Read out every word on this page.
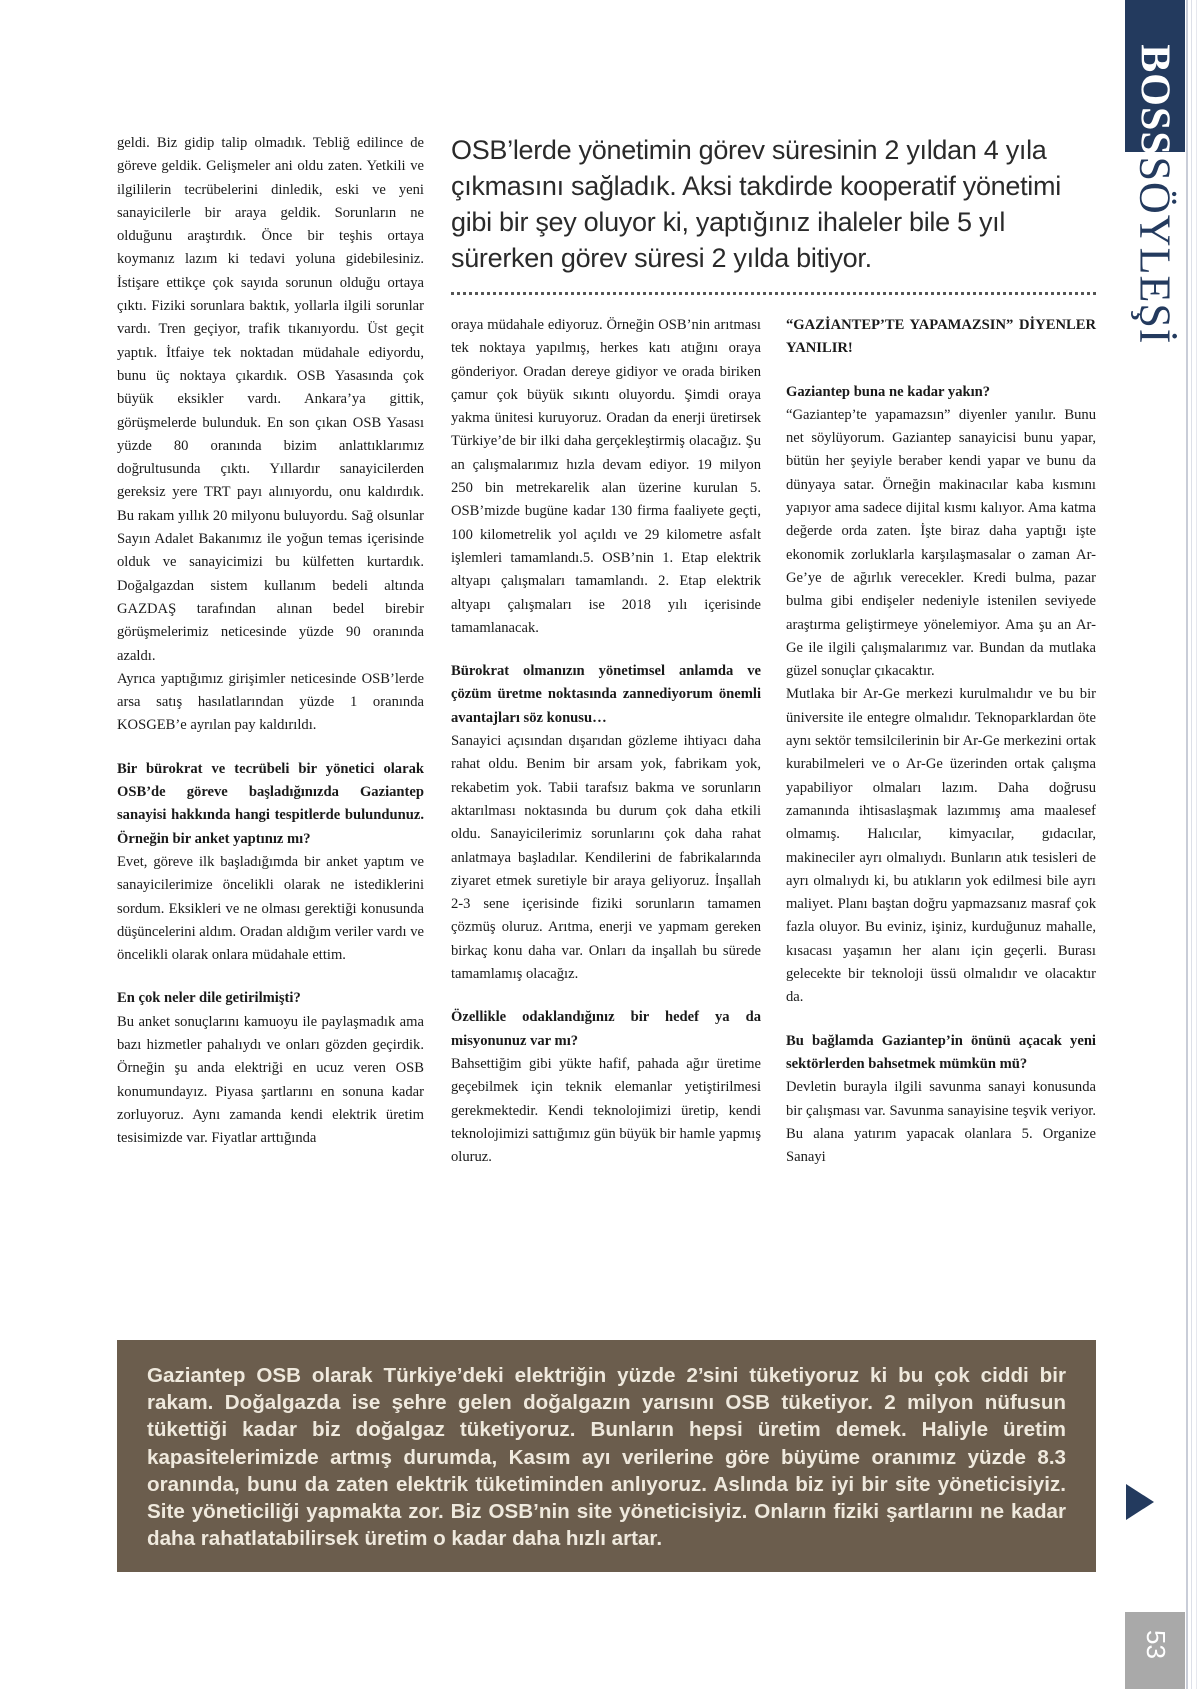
OSB’lerde yönetimin görev süresinin 2 yıldan 4 yıla çıkmasını sağladık. Aksi takdirde kooperatif yönetimi gibi bir şey oluyor ki, yaptığınız ihaleler bile 5 yıl sürerken görev süresi 2 yılda bitiyor.

geldi. Biz gidip talip olmadık. Tebliğ edilince de göreve geldik. Gelişmeler ani oldu zaten. Yetkili ve ilgililerin tecrübelerini dinledik, eski ve yeni sanayicilerle bir araya geldik. Sorunların ne olduğunu araştırdık. Önce bir teşhis ortaya koymanız lazım ki tedavi yoluna gidebilesiniz. İstişare ettikçe çok sayıda sorunun olduğu ortaya çıktı. Fiziki sorunlara baktık, yollarla ilgili sorunlar vardı. Tren geçiyor, trafik tıkanıyordu. Üst geçit yaptık. İtfaiye tek noktadan müdahale ediyordu, bunu üç noktaya çıkardık. OSB Yasasında çok büyük eksikler vardı. Ankara’ya gittik, görüşmelerde bulunduk. En son çıkan OSB Yasası yüzde 80 oranında bizim anlattıklarımız doğrultusunda çıktı. Yıllardır sanayicilerden gereksiz yere TRT payı alınıyordu, onu kaldırdık. Bu rakam yıllık 20 milyonu buluyordu. Sağ olsunlar Sayın Adalet Bakanımız ile yoğun temas içerisinde olduk ve sanayicimizi bu külfetten kurtardık. Doğalgazdan sistem kullanım bedeli altında GAZDAŞ tarafından alınan bedel birebir görüşmelerimiz neticesinde yüzde 90 oranında azaldı.

Ayrıca yaptığımız girişimler neticesinde OSB’lerde arsa satış hasılatlarından yüzde 1 oranında KOSGEB’e ayrılan pay kaldırıldı.

Bir bürokrat ve tecrübeli bir yönetici olarak OSB’de göreve başladığınızda Gaziantep sanayisi hakkında hangi tespitlerde bulundunuz. Örneğin bir anket yaptınız mı?

Evet, göreve ilk başladığımda bir anket yaptım ve sanayicilerimize öncelikli olarak ne istediklerini sordum. Eksikleri ve ne olması gerektiği konusunda düşüncelerini aldım. Oradan aldığım veriler vardı ve öncelikli olarak onlara müdahale ettim.

En çok neler dile getirilmişti?

Bu anket sonuçlarını kamuoyu ile paylaşmadık ama bazı hizmetler pahalıydı ve onları gözden geçirdik. Örneğin şu anda elektriği en ucuz veren OSB konumundayız. Piyasa şartlarını en sonuna kadar zorluyoruz. Aynı zamanda kendi elektrik üretim tesisimizde var. Fiyatlar arttığında

oraya müdahale ediyoruz. Örneğin OSB’nin arıtması tek noktaya yapılmış, herkes katı atığını oraya gönderiyor. Oradan dereye gidiyor ve orada biriken çamur çok büyük sıkıntı oluyordu. Şimdi oraya yakma ünitesi kuruyoruz. Oradan da enerji üretirsek Türkiye’de bir ilki daha gerçekleştirmiş olacağız. Şu an çalışmalarımız hızla devam ediyor. 19 milyon 250 bin metrekarelik alan üzerine kurulan 5. OSB’mizde bugüne kadar 130 firma faaliyete geçti, 100 kilometrelik yol açıldı ve 29 kilometre asfalt işlemleri tamamlandı.5. OSB’nin 1. Etap elektrik altyapı çalışmaları tamamlandı. 2. Etap elektrik altyapı çalışmaları ise 2018 yılı içerisinde tamamlanacak.

Bürokrat olmanızın yönetimsel anlamda ve çözüm üretme noktasında zannediyorum önemli avantajları söz konusu…

Sanayici açısından dışarıdan gözleme ihtiyacı daha rahat oldu. Benim bir arsam yok, fabrikam yok, rekabetim yok. Tabii tarafsız bakma ve sorunların aktarılması noktasında bu durum çok daha etkili oldu. Sanayicilerimiz sorunlarını çok daha rahat anlatmaya başladılar. Kendilerini de fabrikalarında ziyaret etmek suretiyle bir araya geliyoruz. İnşallah 2-3 sene içerisinde fiziki sorunların tamamen çözmüş oluruz. Arıtma, enerji ve yapmam gereken birkaç konu daha var. Onları da inşallah bu sürede tamamlamış olacağız.

Özellikle odaklandığınız bir hedef ya da misyonunuz var mı?

Bahsettiğim gibi yükte hafif, pahada ağır üretime geçebilmek için teknik elemanlar yetiştirilmesi gerekmektedir. Kendi teknolojimizi üretip, kendi teknolojimizi sattığımız gün büyük bir hamle yapmış oluruz.

“GAZİANTEP’TE YAPAMAZSIN” DİYENLER YANILIR!

Gaziantep buna ne kadar yakın?

“Gaziantep’te yapamazsın” diyenler yanılır. Bunu net söylüyorum. Gaziantep sanayicisi bunu yapar, bütün her şeyiyle beraber kendi yapar ve bunu da dünyaya satar. Örneğin makinacılar kaba kısmını yapıyor ama sadece dijital kısmı kalıyor. Ama katma değerde orda zaten. İşte biraz daha yaptığı işte ekonomik zorluklarla karşılaşmasalar o zaman Ar-Ge’ye de ağırlık verecekler. Kredi bulma, pazar bulma gibi endişeler nedeniyle istenilen seviyede araştırma geliştirmeye yönelemiyor. Ama şu an Ar-Ge ile ilgili çalışmalarımız var. Bundan da mutlaka güzel sonuçlar çıkacaktır.

Mutlaka bir Ar-Ge merkezi kurulmalıdır ve bu bir üniversite ile entegre olmalıdır. Teknoparklardan öte aynı sektör temsilcilerinin bir Ar-Ge merkezini ortak kurabilmeleri ve o Ar-Ge üzerinden ortak çalışma yapabiliyor olmaları lazım. Daha doğrusu zamanında ihtisaslaşmak lazımmış ama maalesef olmamış. Halıcılar, kimyacılar, gıdacılar, makineciler ayrı olmalıydı. Bunların atık tesisleri de ayrı olmalıydı ki, bu atıkların yok edilmesi bile ayrı maliyet. Planı baştan doğru yapmazsanız masraf çok fazla oluyor. Bu eviniz, işiniz, kurduğunuz mahalle, kısacası yaşamın her alanı için geçerli. Burası gelecekte bir teknoloji üssü olmalıdır ve olacaktır da.

Bu bağlamda Gaziantep’in önünü açacak yeni sektörlerden bahsetmek mümkün mü?

Devletin burayla ilgili savunma sanayi konusunda bir çalışması var. Savunma sanayisine teşvik veriyor. Bu alana yatırım yapacak olanlara 5. Organize Sanayi

Gaziantep OSB olarak Türkiye’deki elektriğin yüzde 2’sini tüketiyoruz ki bu çok ciddi bir rakam. Doğalgazda ise şehre gelen doğalgazın yarısını OSB tüketiyor. 2 milyon nüfusun tükettiği kadar biz doğalgaz tüketiyoruz. Bunların hepsi üretim demek. Haliyle üretim kapasitelerimizde artmış durumda, Kasım ayı verilerine göre büyüme oranımız yüzde 8.3 oranında, bunu da zaten elektrik tüketiminden anlıyoruz. Aslında biz iyi bir site yöneticisiyiz. Site yöneticiliği yapmakta zor. Biz OSB’nin site yöneticisiyiz. Onların fiziki şartlarını ne kadar daha rahatlatabilirsek üretim o kadar daha hızlı artar.

BOSS
SÖYLEŞİ
53
